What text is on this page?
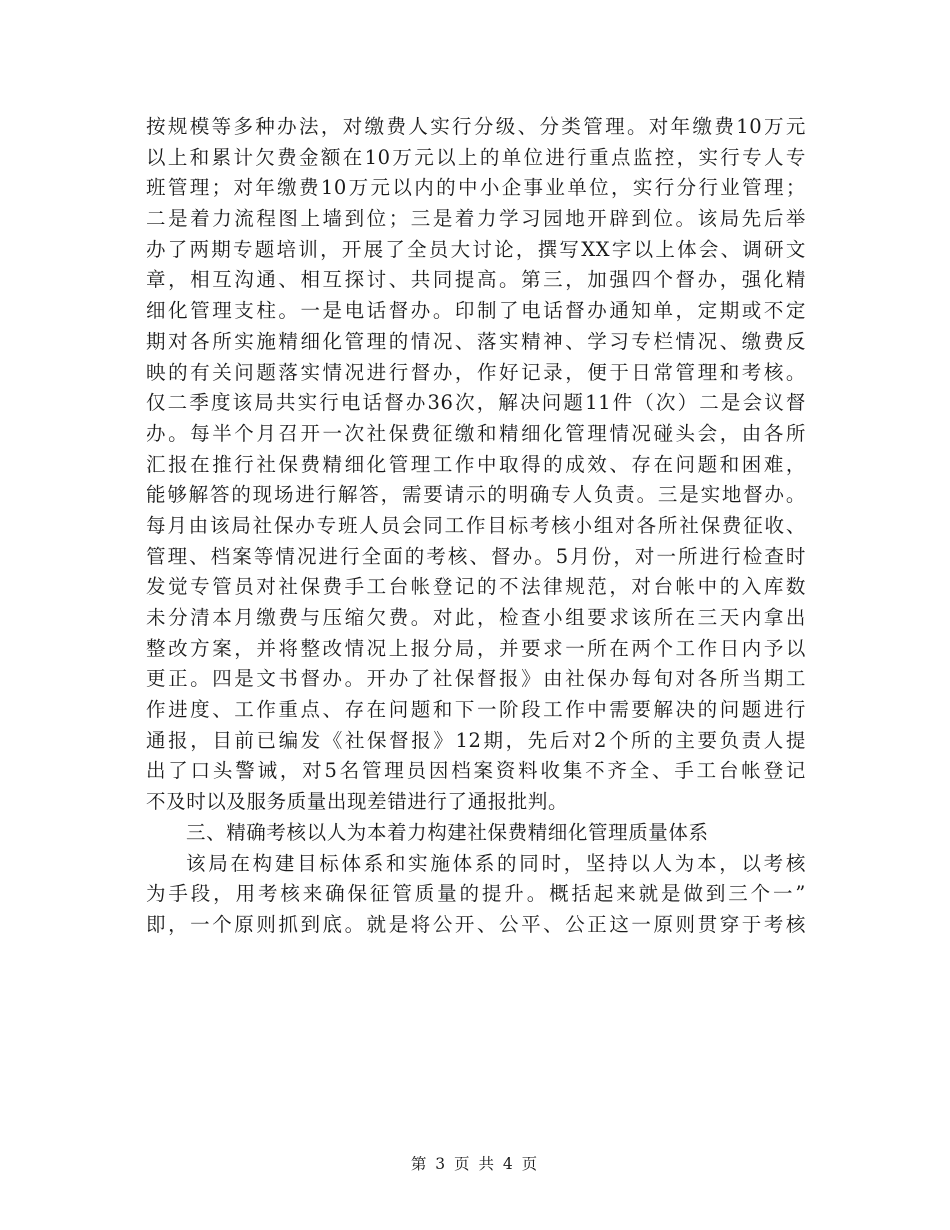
按规模等多种办法，对缴费人实行分级、分类管理。对年缴费10万元
以上和累计欠费金额在10万元以上的单位进行重点监控，实行专人专
班管理；对年缴费10万元以内的中小企事业单位，实行分行业管理；
二是着力流程图上墙到位；三是着力学习园地开辟到位。该局先后举
办了两期专题培训，开展了全员大讨论，撰写XX字以上体会、调研文
章，相互沟通、相互探讨、共同提高。第三，加强四个督办，强化精
细化管理支柱。一是电话督办。印制了电话督办通知单，定期或不定
期对各所实施精细化管理的情况、落实精神、学习专栏情况、缴费反
映的有关问题落实情况进行督办，作好记录，便于日常管理和考核。
仅二季度该局共实行电话督办36次，解决问题11件（次）二是会议督
办。每半个月召开一次社保费征缴和精细化管理情况碰头会，由各所
汇报在推行社保费精细化管理工作中取得的成效、存在问题和困难，
能够解答的现场进行解答，需要请示的明确专人负责。三是实地督办。
每月由该局社保办专班人员会同工作目标考核小组对各所社保费征收、
管理、档案等情况进行全面的考核、督办。5月份，对一所进行检查时
发觉专管员对社保费手工台帐登记的不法律规范，对台帐中的入库数
未分清本月缴费与压缩欠费。对此，检查小组要求该所在三天内拿出
整改方案，并将整改情况上报分局，并要求一所在两个工作日内予以
更正。四是文书督办。开办了社保督报》由社保办每旬对各所当期工
作进度、工作重点、存在问题和下一阶段工作中需要解决的问题进行
通报，目前已编发《社保督报》12期，先后对2个所的主要负责人提
出了口头警诫，对5名管理员因档案资料收集不齐全、手工台帐登记
不及时以及服务质量出现差错进行了通报批判。
三、精确考核以人为本着力构建社保费精细化管理质量体系
该局在构建目标体系和实施体系的同时，坚持以人为本，以考核
为手段，用考核来确保征管质量的提升。概括起来就是做到三个一”
即，一个原则抓到底。就是将公开、公平、公正这一原则贯穿于考核
第 3 页 共 4 页
